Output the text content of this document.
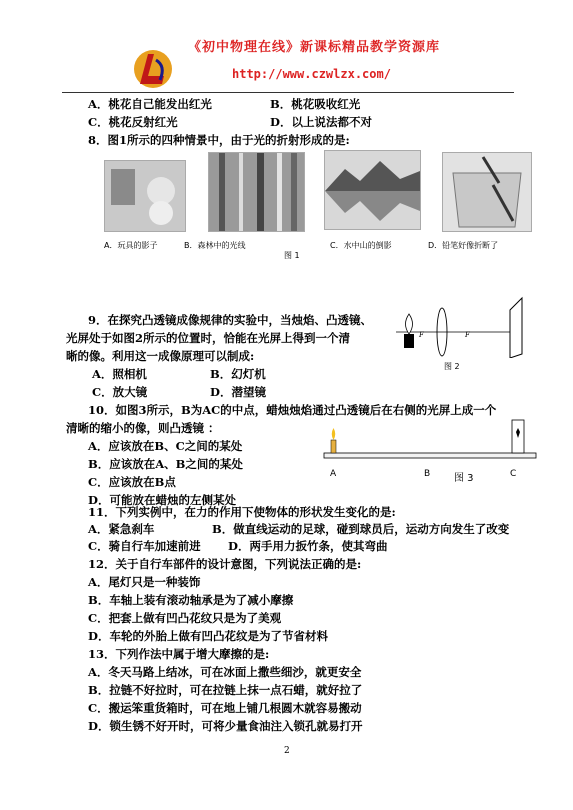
《初中物理在线》新课标精品教学资源库
http://www.czwlzx.com/
A．桃花自己能发出红光	B．桃花吸收红光
C．桃花反射红光	D．以上说法都不对
8．图1所示的四种情景中，由于光的折射形成的是:
A．玩具的影子	B．森林中的光线	C．水中山的倒影	D．铅笔好像折断了
图 1
9．在探究凸透镜成像规律的实验中，当烛焰、凸透镜、
光屏处于如图2所示的位置时，恰能在光屏上得到一个清
晰的像。利用这一成像原理可以制成:
F	F
图 2
A．照相机	B．幻灯机
C．放大镜	D．潜望镜
10．如图3所示，B为AC的中点，蜡烛烛焰通过凸透镜后在右侧的光屏上成一个
清晰的缩小的像，则凸透镜 ：
A．应该放在B、C之间的某处
B．应该放在A、B之间的某处
C．应该放在B点
D．可能放在蜡烛的左侧某处
A	B	C
图 3
11．下列实例中，在力的作用下使物体的形状发生变化的是:
A．紧急刹车	B．做直线运动的足球，碰到球员后，运动方向发生了改变
C．骑自行车加速前进 D．两手用力扳竹条，使其弯曲
12．关于自行车部件的设计意图，下列说法正确的是:
A．尾灯只是一种装饰
B．车轴上装有滚动轴承是为了减小摩擦
C．把套上做有凹凸花纹只是为了美观
D．车轮的外胎上做有凹凸花纹是为了节省材料
13．下列作法中属于增大摩擦的是:
A．冬天马路上结冰，可在冰面上撒些细沙，就更安全
B．拉链不好拉时，可在拉链上抹一点石蜡，就好拉了
C．搬运笨重货箱时，可在地上铺几根圆木就容易搬动
D．锁生锈不好开时，可将少量食油注入锁孔就易打开
2
